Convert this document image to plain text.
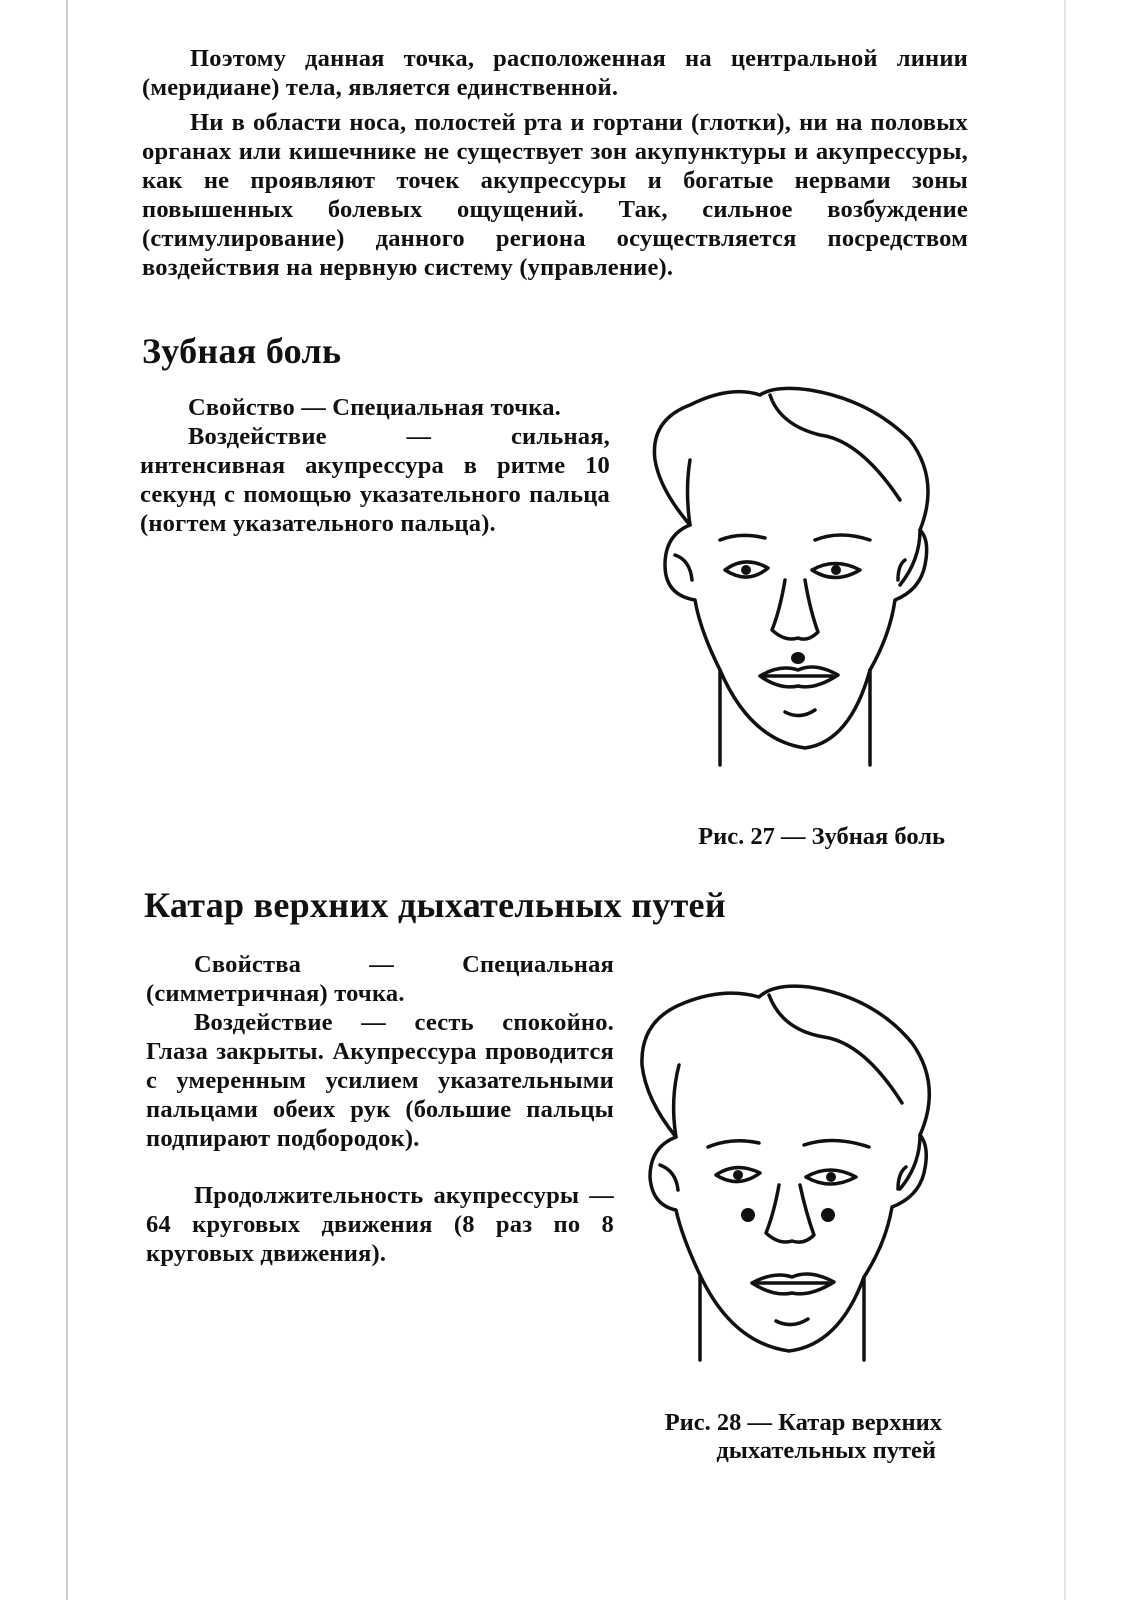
Поэтому данная точка, расположенная на центральной линии (меридиане) тела, является единственной.

Ни в области носа, полостей рта и гортани (глотки), ни на половых органах или кишечнике не существует зон акупунктуры и акупрессуры, как не проявляют точек акупрессуры и богатые нервами зоны повышенных болевых ощущений. Так, сильное возбуждение (стимулирование) данного региона осуществляется посредством воздействия на нервную систему (управление).

Зубная боль

Свойство — Специальная точка.

Воздействие — сильная, интенсивная акупрессура в ритме 10 секунд с помощью указательного пальца (ногтем указательного пальца).

Рис. 27 — Зубная боль

Катар верхних дыхательных путей

Свойства — Специальная (симметричная) точка.

Воздействие — сесть спокойно. Глаза закрыты. Акупрессура проводится с умеренным усилием указательными пальцами обеих рук (большие пальцы подпирают подбородок).

Продолжительность акупрессуры — 64 круговых движения (8 раз по 8 круговых движения).

Рис. 28 — Катар верхних

дыхательных путей
